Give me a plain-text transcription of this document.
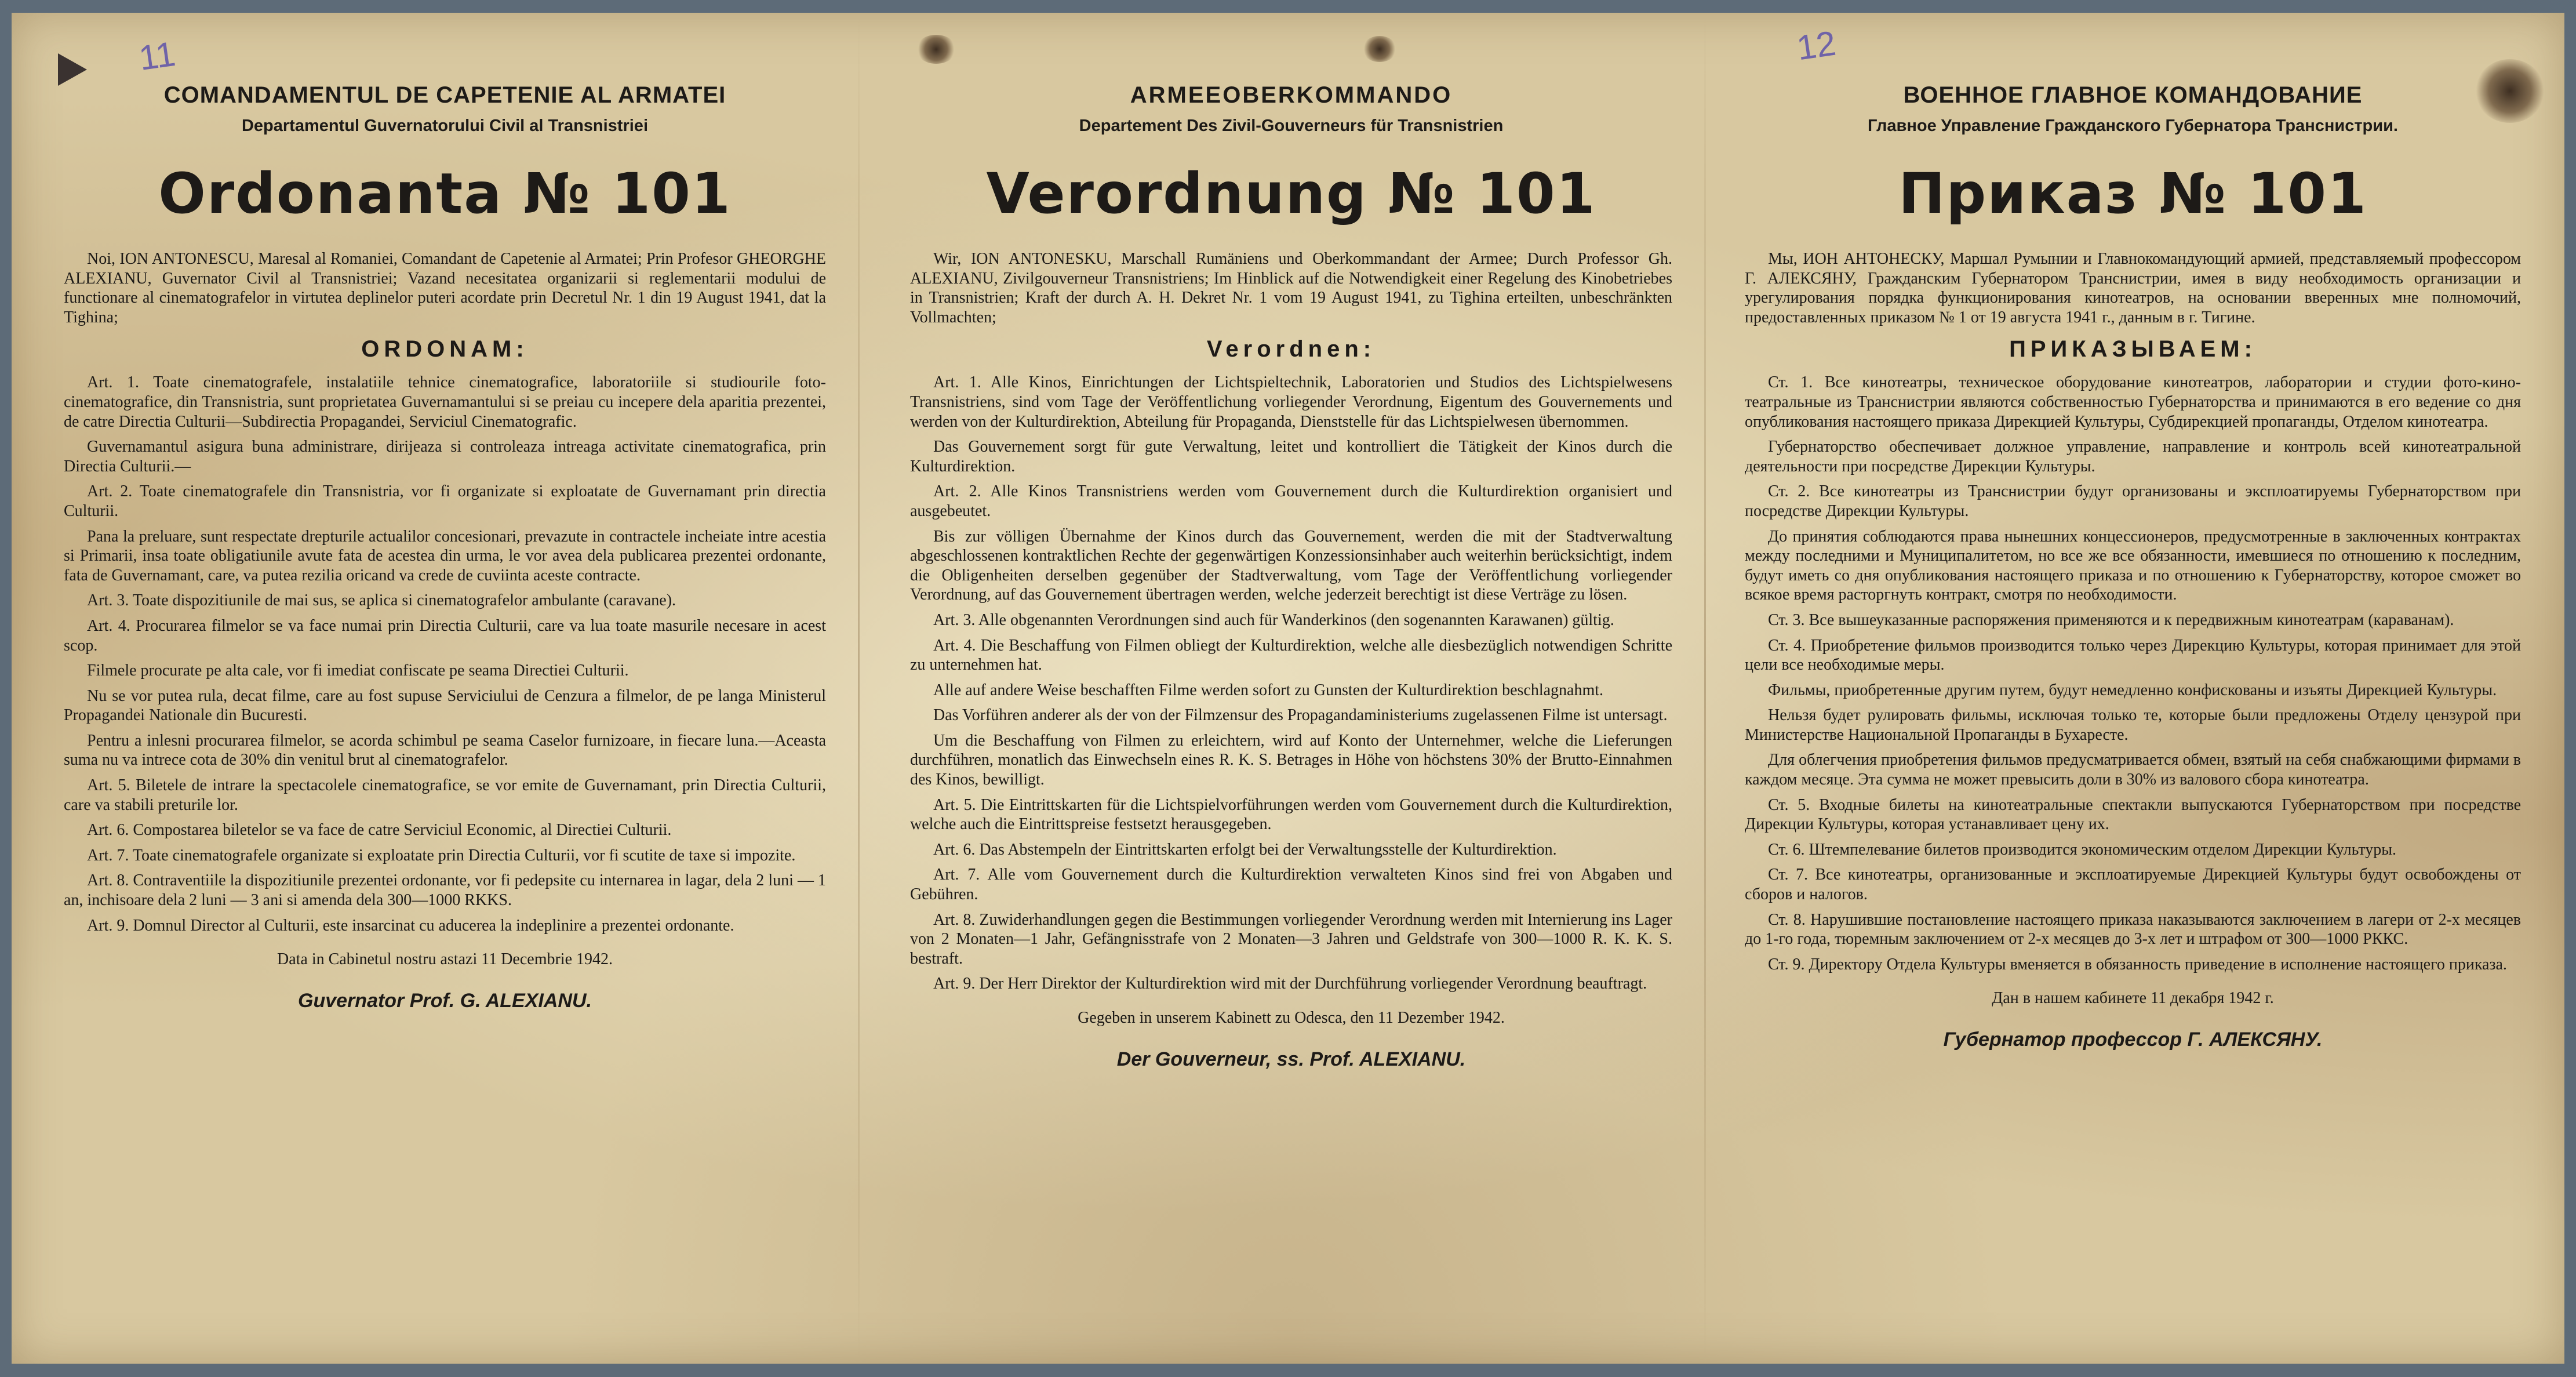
11	12
COMANDAMENTUL DE CAPETENIE AL ARMATEI
Departamentul Guvernatorului Civil al Transnistriei
Ordonanta № 101

Noi, ION ANTONESCU, Maresal al Romaniei, Comandant de Capetenie al Armatei; Prin Profesor GHEORGHE ALEXIANU, Guvernator Civil al Transnistriei; Vazand necesitatea organizarii si reglementarii modului de functionare al cinematografelor in virtutea deplinelor puteri acordate prin Decretul Nr. 1 din 19 August 1941, dat la Tighina;

ORDONAM:

Art. 1. Toate cinematografele, instalatiile tehnice cinematografice, laboratoriile si studiourile foto-cinematografice, din Transnistria, sunt proprietatea Guvernamantului si se preiau cu incepere dela aparitia prezentei, de catre Directia Culturii—Subdirectia Propagandei, Serviciul Cinematografic.

Guvernamantul asigura buna administrare, dirijeaza si controleaza intreaga activitate cinematografica, prin Directia Culturii.—

Art. 2. Toate cinematografele din Transnistria, vor fi organizate si exploatate de Guvernamant prin directia Culturii.

Pana la preluare, sunt respectate drepturile actualilor concesionari, prevazute in contractele incheiate intre acestia si Primarii, insa toate obligatiunile avute fata de acestea din urma, le vor avea dela publicarea prezentei ordonante, fata de Guvernamant, care, va putea rezilia oricand va crede de cuviinta aceste contracte.

Art. 3. Toate dispozitiunile de mai sus, se aplica si cinematografelor ambulante (caravane).

Art. 4. Procurarea filmelor se va face numai prin Directia Culturii, care va lua toate masurile necesare in acest scop.

Filmele procurate pe alta cale, vor fi imediat confiscate pe seama Directiei Culturii.

Nu se vor putea rula, decat filme, care au fost supuse Serviciului de Cenzura a filmelor, de pe langa Ministerul Propagandei Nationale din Bucuresti.

Pentru a inlesni procurarea filmelor, se acorda schimbul pe seama Caselor furnizoare, in fiecare luna.—Aceasta suma nu va intrece cota de 30% din venitul brut al cinematografelor.

Art. 5. Biletele de intrare la spectacolele cinematografice, se vor emite de Guvernamant, prin Directia Culturii, care va stabili preturile lor.

Art. 6. Compostarea biletelor se va face de catre Serviciul Economic, al Directiei Culturii.

Art. 7. Toate cinematografele organizate si exploatate prin Directia Culturii, vor fi scutite de taxe si impozite.

Art. 8. Contraventiile la dispozitiunile prezentei ordonante, vor fi pedepsite cu internarea in lagar, dela 2 luni — 1 an, inchisoare dela 2 luni — 3 ani si amenda dela 300—1000 RKKS.

Art. 9. Domnul Director al Culturii, este insarcinat cu aducerea la indeplinire a prezentei ordonante.

Data in Cabinetul nostru astazi 11 Decembrie 1942.
Guvernator Prof. G. ALEXIANU.
ARMEEOBERKOMMANDO
Departement Des Zivil-Gouverneurs für Transnistrien
Verordnung № 101

Wir, ION ANTONESKU, Marschall Rumäniens und Oberkommandant der Armee; Durch Professor Gh. ALEXIANU, Zivilgouverneur Transnistriens; Im Hinblick auf die Notwendigkeit einer Regelung des Kinobetriebes in Transnistrien; Kraft der durch A. H. Dekret Nr. 1 vom 19 August 1941, zu Tighina erteilten, unbeschränkten Vollmachten;

Verordnen:

Art. 1. Alle Kinos, Einrichtungen der Lichtspieltechnik, Laboratorien und Studios des Lichtspielwesens Transnistriens, sind vom Tage der Veröffentlichung vorliegender Verordnung, Eigentum des Gouvernements und werden von der Kulturdirektion, Abteilung für Propaganda, Dienststelle für das Lichtspielwesen übernommen.

Das Gouvernement sorgt für gute Verwaltung, leitet und kontrolliert die Tätigkeit der Kinos durch die Kulturdirektion.

Art. 2. Alle Kinos Transnistriens werden vom Gouvernement durch die Kulturdirektion organisiert und ausgebeutet.

Bis zur völligen Übernahme der Kinos durch das Gouvernement, werden die mit der Stadtverwaltung abgeschlossenen kontraktlichen Rechte der gegenwärtigen Konzessionsinhaber auch weiterhin berücksichtigt, indem die Obligenheiten derselben gegenüber der Stadtverwaltung, vom Tage der Veröffentlichung vorliegender Verordnung, auf das Gouvernement übertragen werden, welche jederzeit berechtigt ist diese Verträge zu lösen.

Art. 3. Alle obgenannten Verordnungen sind auch für Wanderkinos (den sogenannten Karawanen) gültig.

Art. 4. Die Beschaffung von Filmen obliegt der Kulturdirektion, welche alle diesbezüglich notwendigen Schritte zu unternehmen hat.

Alle auf andere Weise beschafften Filme werden sofort zu Gunsten der Kulturdirektion beschlagnahmt.

Das Vorführen anderer als der von der Filmzensur des Propagandaministeriums zugelassenen Filme ist untersagt.

Um die Beschaffung von Filmen zu erleichtern, wird auf Konto der Unternehmer, welche die Lieferungen durchführen, monatlich das Einwechseln eines R. K. S. Betrages in Höhe von höchstens 30% der Brutto-Einnahmen des Kinos, bewilligt.

Art. 5. Die Eintrittskarten für die Lichtspielvorführungen werden vom Gouvernement durch die Kulturdirektion, welche auch die Eintrittspreise festsetzt herausgegeben.

Art. 6. Das Abstempeln der Eintrittskarten erfolgt bei der Verwaltungsstelle der Kulturdirektion.

Art. 7. Alle vom Gouvernement durch die Kulturdirektion verwalteten Kinos sind frei von Abgaben und Gebühren.

Art. 8. Zuwiderhandlungen gegen die Bestimmungen vorliegender Verordnung werden mit Internierung ins Lager von 2 Monaten—1 Jahr, Gefängnisstrafe von 2 Monaten—3 Jahren und Geldstrafe von 300—1000 R. K. K. S. bestraft.

Art. 9. Der Herr Direktor der Kulturdirektion wird mit der Durchführung vorliegender Verordnung beauftragt.

Gegeben in unserem Kabinett zu Odesca, den 11 Dezember 1942.
Der Gouverneur, ss. Prof. ALEXIANU.
ВОЕННОЕ ГЛАВНОЕ КОМАНДОВАНИЕ
Главное Управление Гражданского Губернатора Транснистрии.
Приказ № 101

Мы, ИОН АНТОНЕСКУ, Маршал Румынии и Главнокомандующий армией, представляемый профессором Г. АЛЕКСЯНУ, Гражданским Губернатором Транснистрии, имея в виду необходимость организации и урегулирования порядка функционирования кинотеатров, на основании вверенных мне полномочий, предоставленных приказом № 1 от 19 августа 1941 г., данным в г. Тигине.

ПРИКАЗЫВАЕМ:

Ст. 1. Все кинотеатры, техническое оборудование кинотеатров, лаборатории и студии фото-кино-театральные из Транснистрии являются собственностью Губернаторства и принимаются в его ведение со дня опубликования настоящего приказа Дирекцией Культуры, Субдирекцией пропаганды, Отделом кинотеатра.

Губернаторство обеспечивает должное управление, направление и контроль всей кинотеатральной деятельности при посредстве Дирекции Культуры.

Ст. 2. Все кинотеатры из Транснистрии будут организованы и эксплоатируемы Губернаторством при посредстве Дирекции Культуры.

До принятия соблюдаются права нынешних концессионеров, предусмотренные в заключенных контрактах между последними и Муниципалитетом, но все же все обязанности, имевшиеся по отношению к последним, будут иметь со дня опубликования настоящего приказа и по отношению к Губернаторству, которое сможет во всякое время расторгнуть контракт, смотря по необходимости.

Ст. 3. Все вышеуказанные распоряжения применяются и к передвижным кинотеатрам (караванам).

Ст. 4. Приобретение фильмов производится только через Дирекцию Культуры, которая принимает для этой цели все необходимые меры.

Фильмы, приобретенные другим путем, будут немедленно конфискованы и изъяты Дирекцией Культуры.

Нельзя будет рулировать фильмы, исключая только те, которые были предложены Отделу цензурой при Министерстве Национальной Пропаганды в Бухаресте.

Для облегчения приобретения фильмов предусматривается обмен, взятый на себя снабжающими фирмами в каждом месяце. Эта сумма не может превысить доли в 30% из валового сбора кинотеатра.

Ст. 5. Входные билеты на кинотеатральные спектакли выпускаются Губернаторством при посредстве Дирекции Культуры, которая устанавливает цену их.

Ст. 6. Штемпелевание билетов производится экономическим отделом Дирекции Культуры.

Ст. 7. Все кинотеатры, организованные и эксплоатируемые Дирекцией Культуры будут освобождены от сборов и налогов.

Ст. 8. Нарушившие постановление настоящего приказа наказываются заключением в лагери от 2-х месяцев до 1-го года, тюремным заключением от 2-х месяцев до 3-х лет и штрафом от 300—1000 РККС.

Ст. 9. Директору Отдела Культуры вменяется в обязанность приведение в исполнение настоящего приказа.

Дан в нашем кабинете 11 декабря 1942 г.
Губернатор профессор Г. АЛЕКСЯНУ.
